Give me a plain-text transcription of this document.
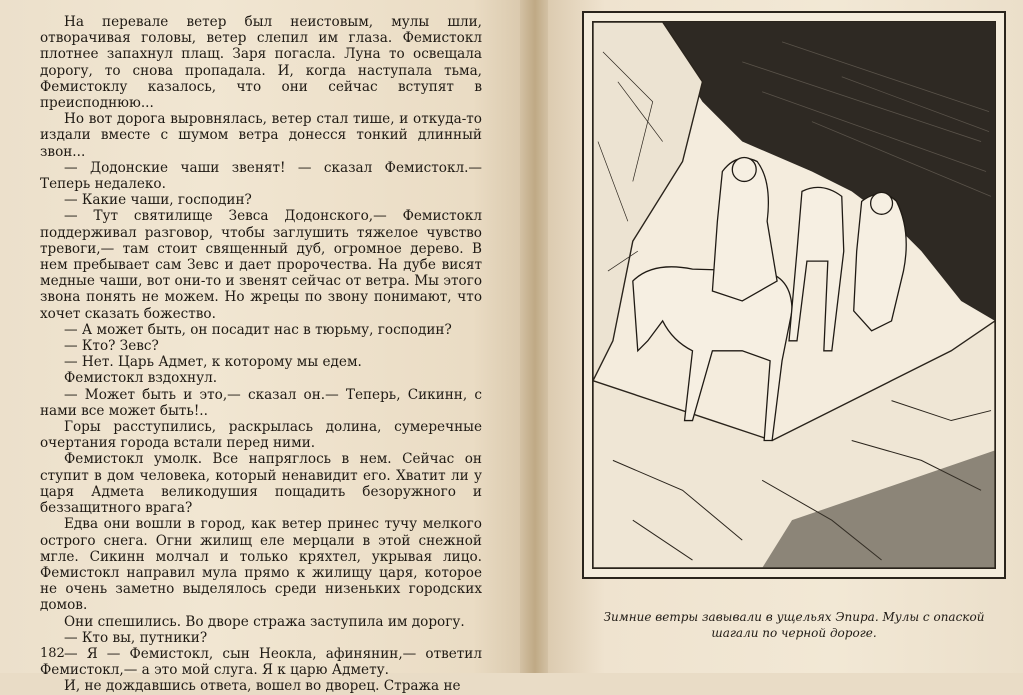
На перевале ветер был неистовым, мулы шли, отворачивая головы, ветер слепил им глаза. Фемистокл плотнее запахнул плащ. Заря погасла. Луна то освещала дорогу, то снова пропадала. И, когда наступала тьма, Фемистоклу казалось, что они сейчас вступят в преисподнюю...

Но вот дорога выровнялась, ветер стал тише, и откуда-то издали вместе с шумом ветра донесся тонкий длинный звон...

— Додонские чаши звенят! — сказал Фемистокл.— Теперь недалеко.

— Какие чаши, господин?

— Тут святилище Зевса Додонского,— Фемистокл поддерживал разговор, чтобы заглушить тяжелое чувство тревоги,— там стоит священный дуб, огромное дерево. В нем пребывает сам Зевс и дает пророчества. На дубе висят медные чаши, вот они-то и звенят сейчас от ветра. Мы этого звона понять не можем. Но жрецы по звону понимают, что хочет сказать божество.

— А может быть, он посадит нас в тюрьму, господин?

— Кто? Зевс?

— Нет. Царь Адмет, к которому мы едем.

Фемистокл вздохнул.

— Может быть и это,— сказал он.— Теперь, Сикинн, с нами все может быть!..

Горы расступились, раскрылась долина, сумеречные очертания города встали перед ними.

Фемистокл умолк. Все напряглось в нем. Сейчас он ступит в дом человека, который ненавидит его. Хватит ли у царя Адмета великодушия пощадить безоружного и беззащитного врага?

Едва они вошли в город, как ветер принес тучу мелкого острого снега. Огни жилищ еле мерцали в этой снежной мгле. Сикинн молчал и только кряхтел, укрывая лицо. Фемистокл направил мула прямо к жилищу царя, которое не очень заметно выделялось среди низеньких городских домов.

Они спешились. Во дворе стража заступила им дорогу.

— Кто вы, путники?

— Я — Фемистокл, сын Неокла, афинянин,— ответил Фемистокл,— а это мой слуга. Я к царю Адмету.

И, не дождавшись ответа, вошел во дворец. Стража не

182
Зимние ветры завывали в ущельях Эпира. Мулы с опаской шагали по черной дороге.
